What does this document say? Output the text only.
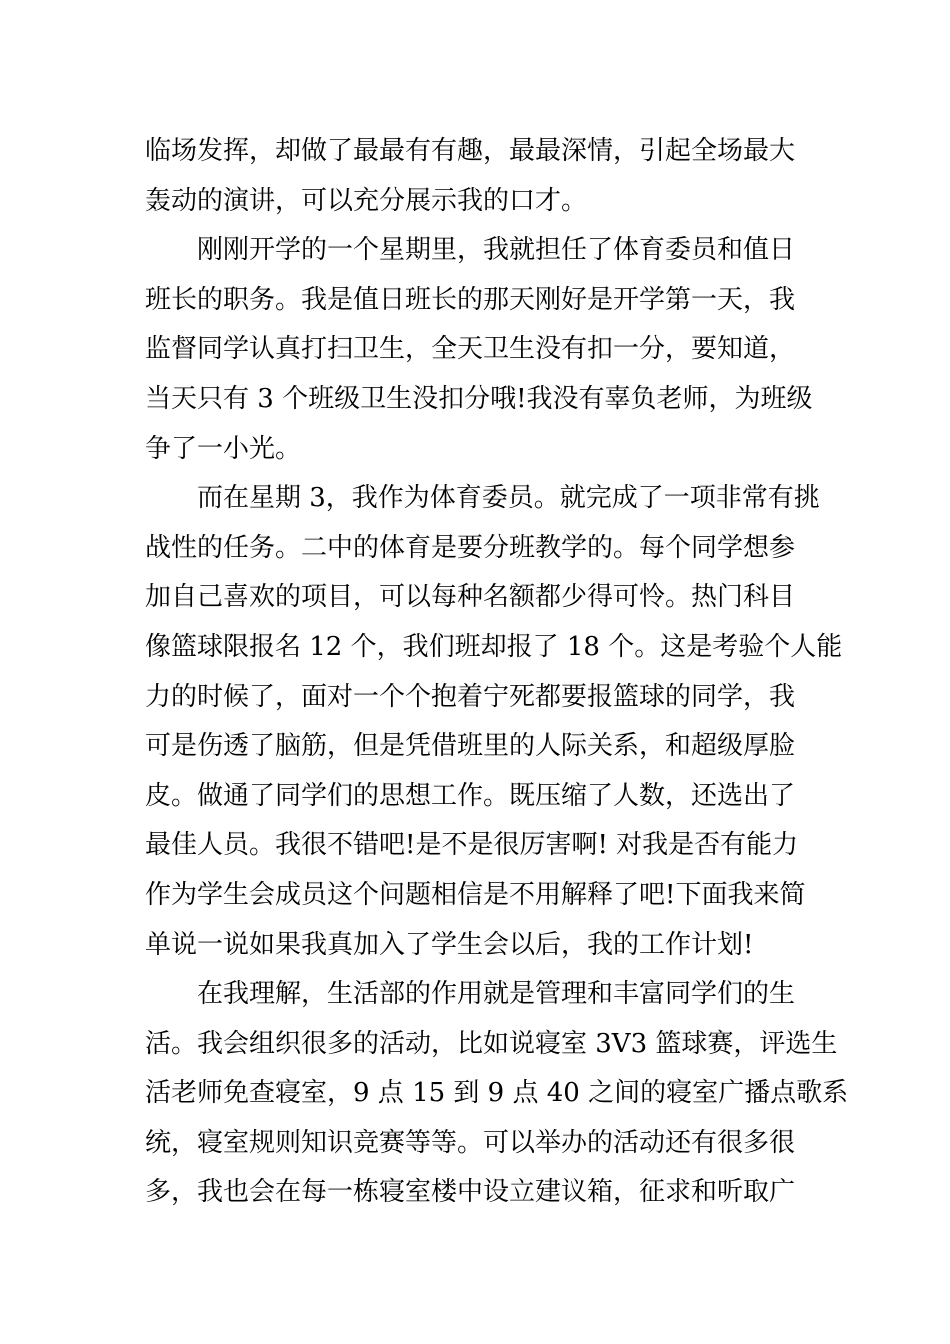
临场发挥，却做了最最有有趣，最最深情，引起全场最大
轰动的演讲，可以充分展示我的口才。
刚刚开学的一个星期里，我就担任了体育委员和值日
班长的职务。我是值日班长的那天刚好是开学第一天，我
监督同学认真打扫卫生，全天卫生没有扣一分，要知道，
当天只有 3 个班级卫生没扣分哦!我没有辜负老师，为班级
争了一小光。
而在星期 3，我作为体育委员。就完成了一项非常有挑
战性的任务。二中的体育是要分班教学的。每个同学想参
加自己喜欢的项目，可以每种名额都少得可怜。热门科目
像篮球限报名 12 个，我们班却报了 18 个。这是考验个人能
力的时候了，面对一个个抱着宁死都要报篮球的同学，我
可是伤透了脑筋，但是凭借班里的人际关系，和超级厚脸
皮。做通了同学们的思想工作。既压缩了人数，还选出了
最佳人员。我很不错吧!是不是很厉害啊! 对我是否有能力
作为学生会成员这个问题相信是不用解释了吧!下面我来简
单说一说如果我真加入了学生会以后，我的工作计划!
在我理解，生活部的作用就是管理和丰富同学们的生
活。我会组织很多的活动，比如说寝室 3V3 篮球赛，评选生
活老师免查寝室，9 点 15 到 9 点 40 之间的寝室广播点歌系
统，寝室规则知识竞赛等等。可以举办的活动还有很多很
多，我也会在每一栋寝室楼中设立建议箱，征求和听取广
